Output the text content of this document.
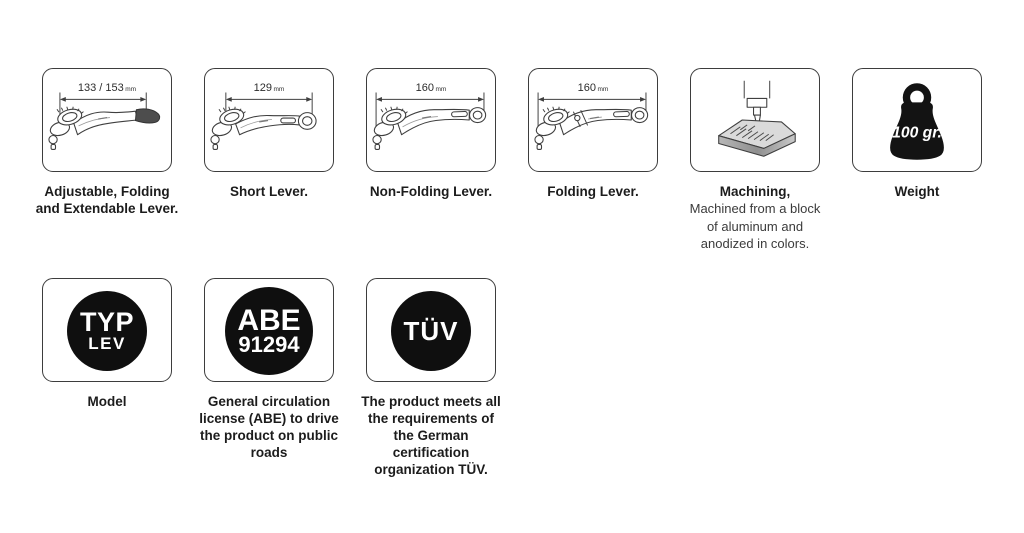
133 / 153 mm
Adjustable, Folding
and Extendable Lever.
129 mm
Short Lever.
160 mm
Non-Folding Lever.
160 mm
Folding Lever.	Machining,
Machined from a block
of aluminum and
anodized in colors.
100 gr.
Weight
TYP
LEV
Model
ABE
91294
General circulation
license (ABE) to drive
the product on public
roads
TÜV
The product meets all
the requirements of
the German
certification
organization TÜV.
